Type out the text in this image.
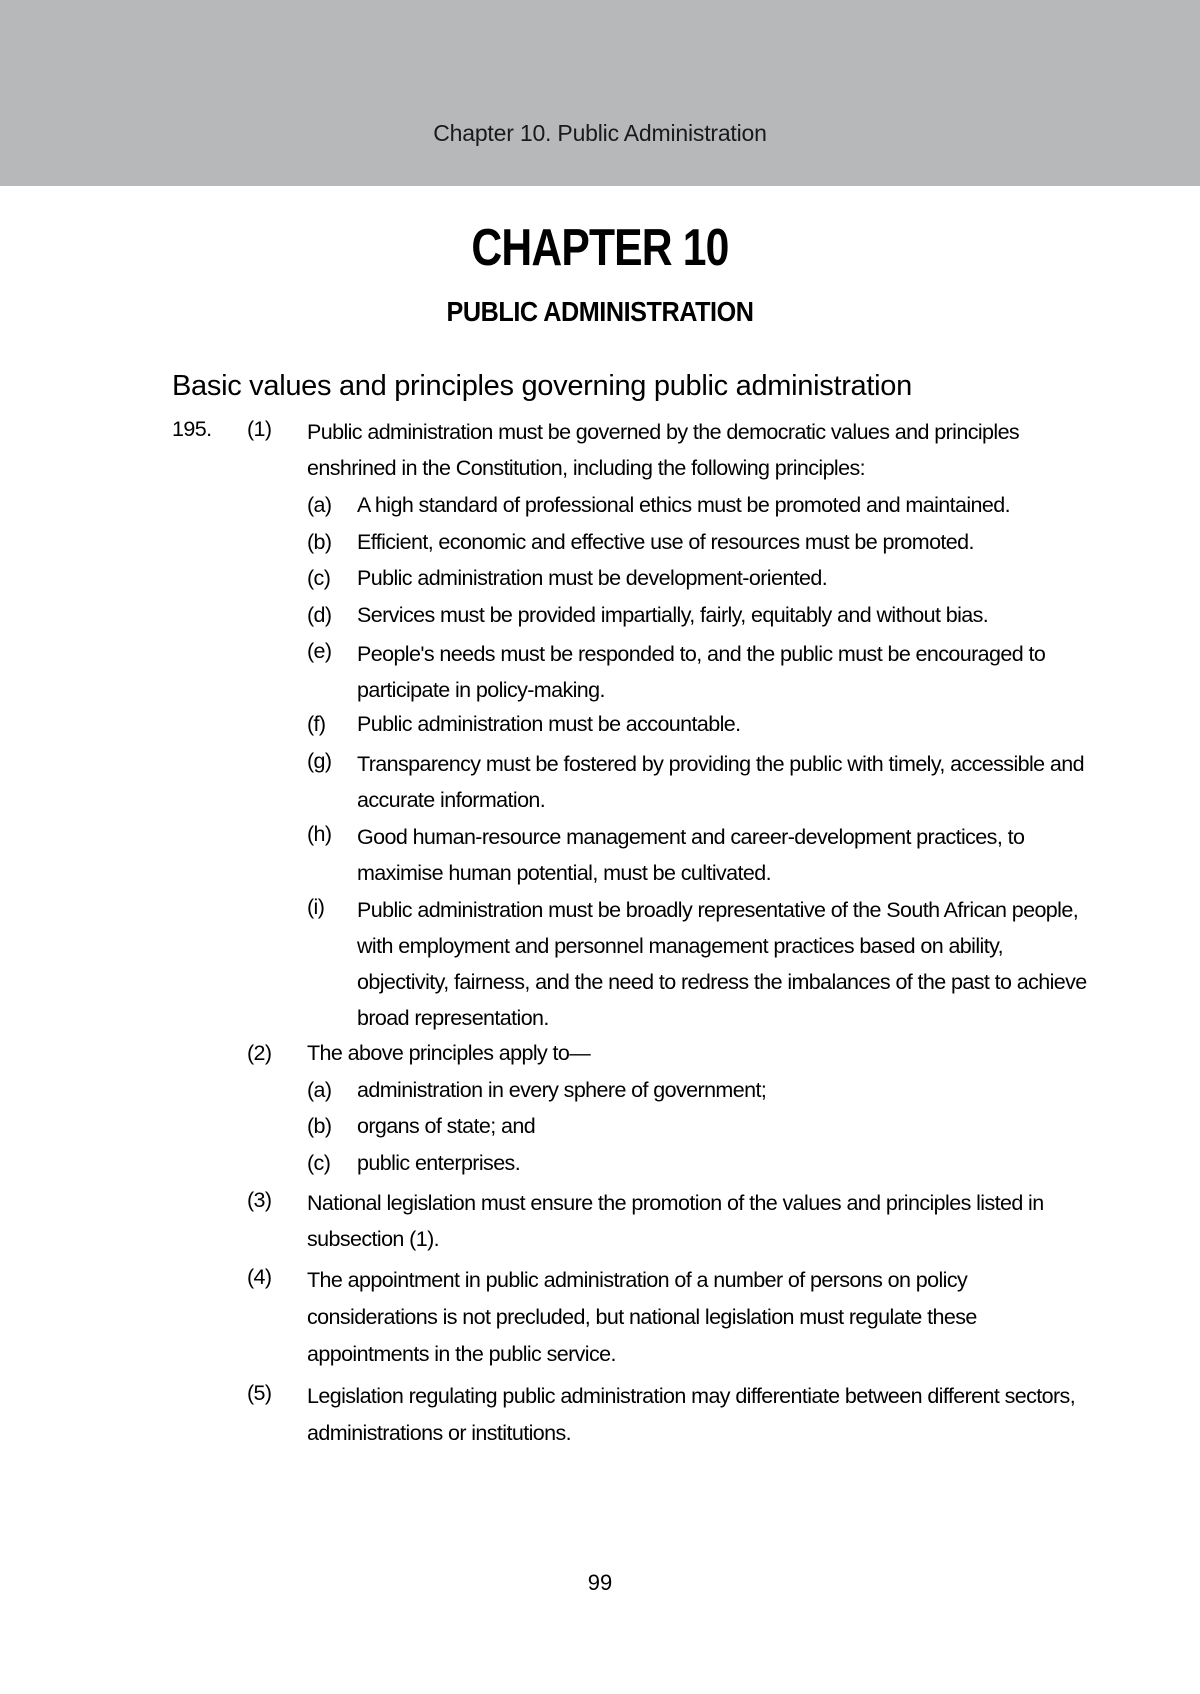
Chapter 10. Public Administration
CHAPTER 10
PUBLIC ADMINISTRATION
Basic values and principles governing public administration
195. (1) Public administration must be governed by the democratic values and principles enshrined in the Constitution, including the following principles:
(a) A high standard of professional ethics must be promoted and maintained.
(b) Efficient, economic and effective use of resources must be promoted.
(c) Public administration must be development-oriented.
(d) Services must be provided impartially, fairly, equitably and without bias.
(e) People's needs must be responded to, and the public must be encouraged to participate in policy-making.
(f) Public administration must be accountable.
(g) Transparency must be fostered by providing the public with timely, accessible and accurate information.
(h) Good human-resource management and career-development practices, to maximise human potential, must be cultivated.
(i) Public administration must be broadly representative of the South African people, with employment and personnel management practices based on ability, objectivity, fairness, and the need to redress the imbalances of the past to achieve broad representation.
(2) The above principles apply to—
(a) administration in every sphere of government;
(b) organs of state; and
(c) public enterprises.
(3) National legislation must ensure the promotion of the values and principles listed in subsection (1).
(4) The appointment in public administration of a number of persons on policy considerations is not precluded, but national legislation must regulate these appointments in the public service.
(5) Legislation regulating public administration may differentiate between different sectors, administrations or institutions.
99
